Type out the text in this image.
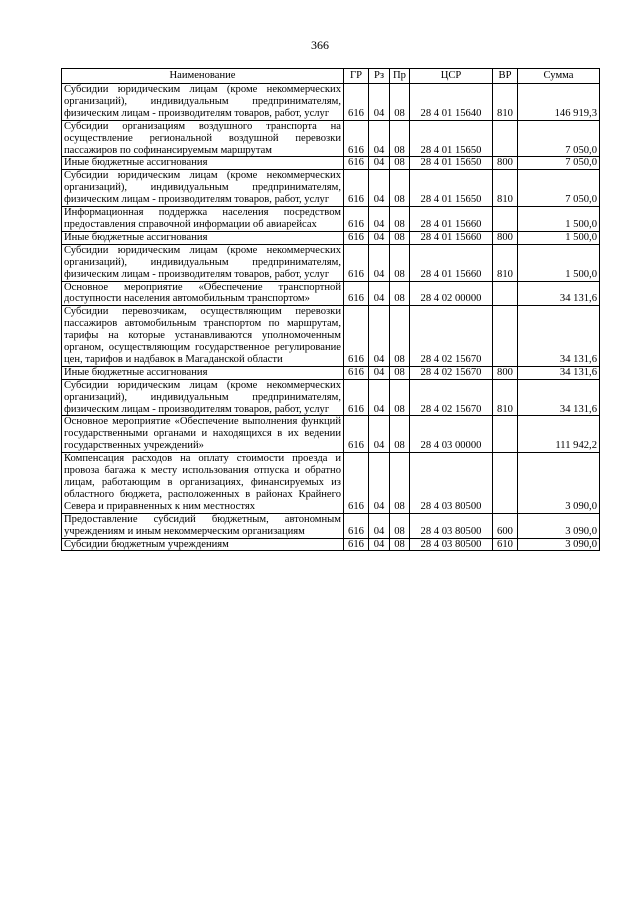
366
Наименование	ГР	Рз	Пр	ЦСР	ВР	Сумма
Субсидии юридическим лицам (кроме некоммерческих организаций), индивидуальным предпринимателям, физическим лицам - производителям товаров, работ, услуг	616	04	08	28 4 01 15640	810	146 919,3
Субсидии организациям воздушного транспорта на осуществление региональной воздушной перевозки пассажиров по софинансируемым маршрутам	616	04	08	28 4 01 15650		7 050,0
Иные бюджетные ассигнования	616	04	08	28 4 01 15650	800	7 050,0
Субсидии юридическим лицам (кроме некоммерческих организаций), индивидуальным предпринимателям, физическим лицам - производителям товаров, работ, услуг	616	04	08	28 4 01 15650	810	7 050,0
Информационная поддержка населения посредством предоставления справочной информации об авиарейсах	616	04	08	28 4 01 15660		1 500,0
Иные бюджетные ассигнования	616	04	08	28 4 01 15660	800	1 500,0
Субсидии юридическим лицам (кроме некоммерческих организаций), индивидуальным предпринимателям, физическим лицам - производителям товаров, работ, услуг	616	04	08	28 4 01 15660	810	1 500,0
Основное мероприятие «Обеспечение транспортной доступности населения автомобильным транспортом»	616	04	08	28 4 02 00000		34 131,6
Субсидии перевозчикам, осуществляющим перевозки пассажиров автомобильным транспортом по маршрутам, тарифы на которые устанавливаются уполномоченным органом, осуществляющим государственное регулирование цен, тарифов и надбавок в Магаданской области	616	04	08	28 4 02 15670		34 131,6
Иные бюджетные ассигнования	616	04	08	28 4 02 15670	800	34 131,6
Субсидии юридическим лицам (кроме некоммерческих организаций), индивидуальным предпринимателям, физическим лицам - производителям товаров, работ, услуг	616	04	08	28 4 02 15670	810	34 131,6
Основное мероприятие «Обеспечение выполнения функций государственными органами и находящихся в их ведении государственных учреждений»	616	04	08	28 4 03 00000		111 942,2
Компенсация расходов на оплату стоимости проезда и провоза багажа к месту использования отпуска и обратно лицам, работающим в организациях, финансируемых из областного бюджета, расположенных в районах Крайнего Севера и приравненных к ним местностях	616	04	08	28 4 03 80500		3 090,0
Предоставление субсидий бюджетным, автономным учреждениям и иным некоммерческим организациям	616	04	08	28 4 03 80500	600	3 090,0
Субсидии бюджетным учреждениям	616	04	08	28 4 03 80500	610	3 090,0
